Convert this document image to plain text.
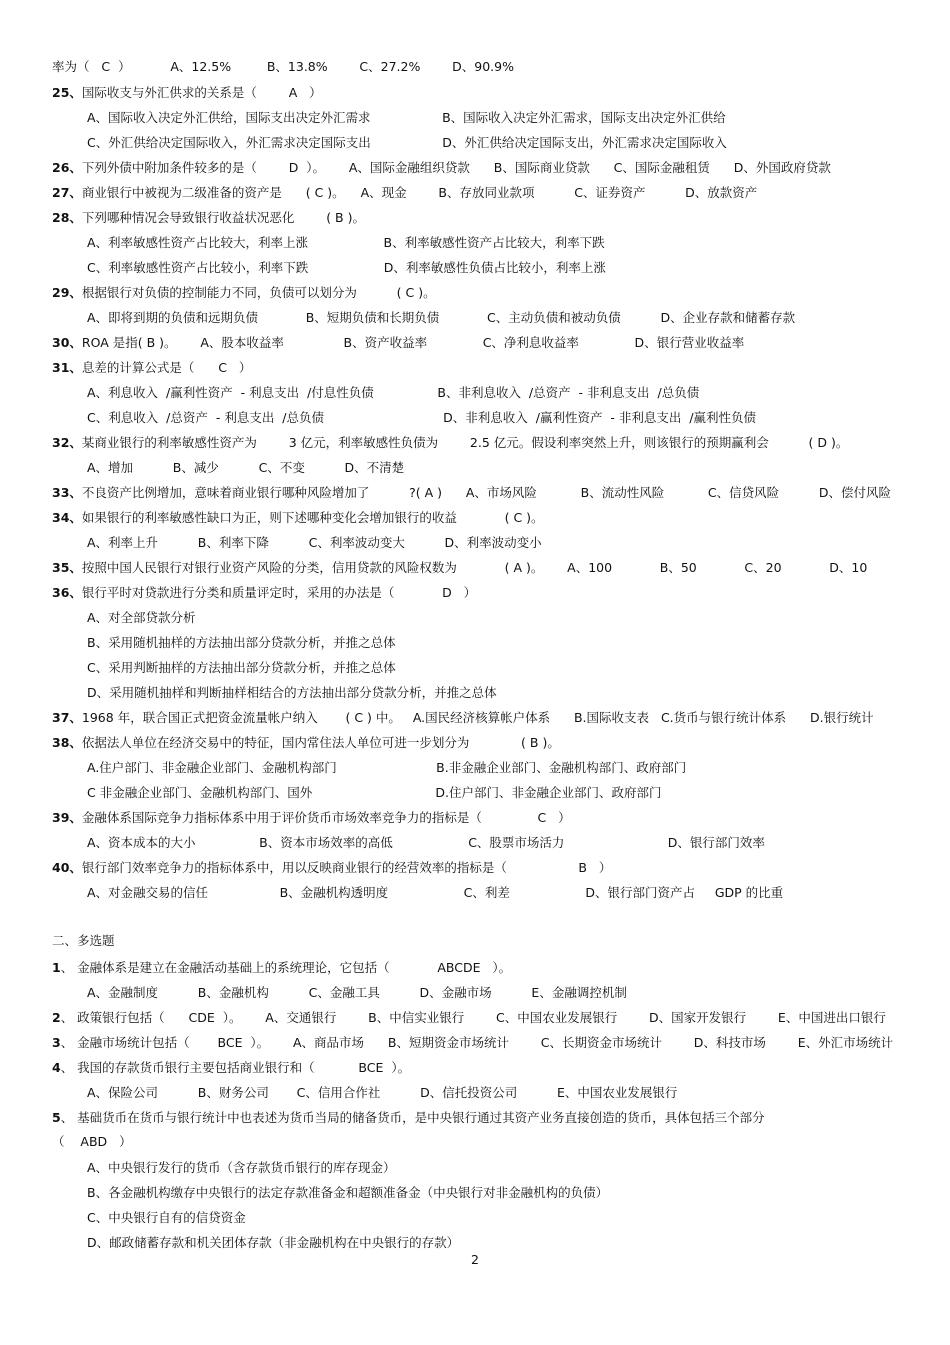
率为（   C  ）          A、12.5%         B、13.8%        C、27.2%        D、90.9%
25、国际收支与外汇供求的关系是（        A   ）
A、国际收入决定外汇供给，国际支出决定外汇需求                  B、国际收入决定外汇需求，国际支出决定外汇供给
C、外汇供给决定国际收入，外汇需求决定国际支出                  D、外汇供给决定国际支出，外汇需求决定国际收入
26、下列外债中附加条件较多的是（        D  ）。      A、国际金融组织贷款      B、国际商业贷款      C、国际金融租赁      D、外国政府贷款
27、商业银行中被视为二级准备的资产是      ( C )。    A、现金        B、存放同业款项          C、证券资产          D、放款资产
28、下列哪种情况会导致银行收益状况恶化        ( B )。
A、利率敏感性资产占比较大，利率上涨                   B、利率敏感性资产占比较大，利率下跌
C、利率敏感性资产占比较小，利率下跌                   D、利率敏感性负债占比较小，利率上涨
29、根据银行对负债的控制能力不同，负债可以划分为          ( C )。
A、即将到期的负债和远期负债            B、短期负债和长期负债            C、主动负债和被动负债          D、企业存款和储蓄存款
30、ROA 是指( B )。      A、股本收益率               B、资产收益率              C、净利息收益率              D、银行营业收益率
31、息差的计算公式是（      C   ）
A、利息收入  /赢利性资产  - 利息支出  /付息性负债                B、非利息收入  /总资产  - 非利息支出  /总负债
C、利息收入  /总资产  - 利息支出  /总负债                              D、非利息收入  /赢利性资产  - 非利息支出  /赢利性负债
32、某商业银行的利率敏感性资产为        3 亿元，利率敏感性负债为        2.5 亿元。假设利率突然上升，则该银行的预期赢利会          ( D )。
A、增加          B、减少          C、不变          D、不清楚
33、不良资产比例增加，意味着商业银行哪种风险增加了          ?( A )      A、市场风险           B、流动性风险           C、信贷风险          D、偿付风险
34、如果银行的利率敏感性缺口为正，则下述哪种变化会增加银行的收益            ( C )。
A、利率上升          B、利率下降          C、利率波动变大          D、利率波动变小
35、按照中国人民银行对银行业资产风险的分类，信用贷款的风险权数为            ( A )。      A、100            B、50            C、20            D、10
36、银行平时对贷款进行分类和质量评定时，采用的办法是（            D   ）
A、对全部贷款分析
B、采用随机抽样的方法抽出部分贷款分析，并推之总体
C、采用判断抽样的方法抽出部分贷款分析，并推之总体
D、采用随机抽样和判断抽样相结合的方法抽出部分贷款分析，并推之总体
37、1968 年，联合国正式把资金流量帐户纳入       ( C ) 中。   A.国民经济核算帐户体系      B.国际收支表   C.货币与银行统计体系      D.银行统计
38、依据法人单位在经济交易中的特征，国内常住法人单位可进一步划分为             ( B )。
A.住户部门、非金融企业部门、金融机构部门                         B.非金融企业部门、金融机构部门、政府部门
C 非金融企业部门、金融机构部门、国外                               D.住户部门、非金融企业部门、政府部门
39、金融体系国际竞争力指标体系中用于评价货币市场效率竞争力的指标是（              C   ）
A、资本成本的大小                B、资本市场效率的高低                   C、股票市场活力                          D、银行部门效率
40、银行部门效率竞争力的指标体系中，用以反映商业银行的经营效率的指标是（                  B   ）
A、对金融交易的信任                  B、金融机构透明度                   C、利差                   D、银行部门资产占     GDP 的比重
二、多选题
1、 金融体系是建立在金融活动基础上的系统理论，它包括（            ABCDE   ）。
A、金融制度          B、金融机构          C、金融工具          D、金融市场          E、金融调控机制
2、 政策银行包括（      CDE  ）。      A、交通银行        B、中信实业银行        C、中国农业发展银行        D、国家开发银行        E、中国进出口银行
3、 金融市场统计包括（       BCE  ）。      A、商品市场      B、短期资金市场统计        C、长期资金市场统计        D、科技市场        E、外汇市场统计
4、 我国的存款货币银行主要包括商业银行和（           BCE  ）。
A、保险公司          B、财务公司       C、信用合作社          D、信托投资公司          E、中国农业发展银行
5、 基础货币在货币与银行统计中也表述为货币当局的储备货币，是中央银行通过其资产业务直接创造的货币，具体包括三个部分
（    ABD   ）
A、中央银行发行的货币（含存款货币银行的库存现金）
B、各金融机构缴存中央银行的法定存款准备金和超额准备金（中央银行对非金融机构的负债）
C、中央银行自有的信贷资金
D、邮政储蓄存款和机关团体存款（非金融机构在中央银行的存款）
2
